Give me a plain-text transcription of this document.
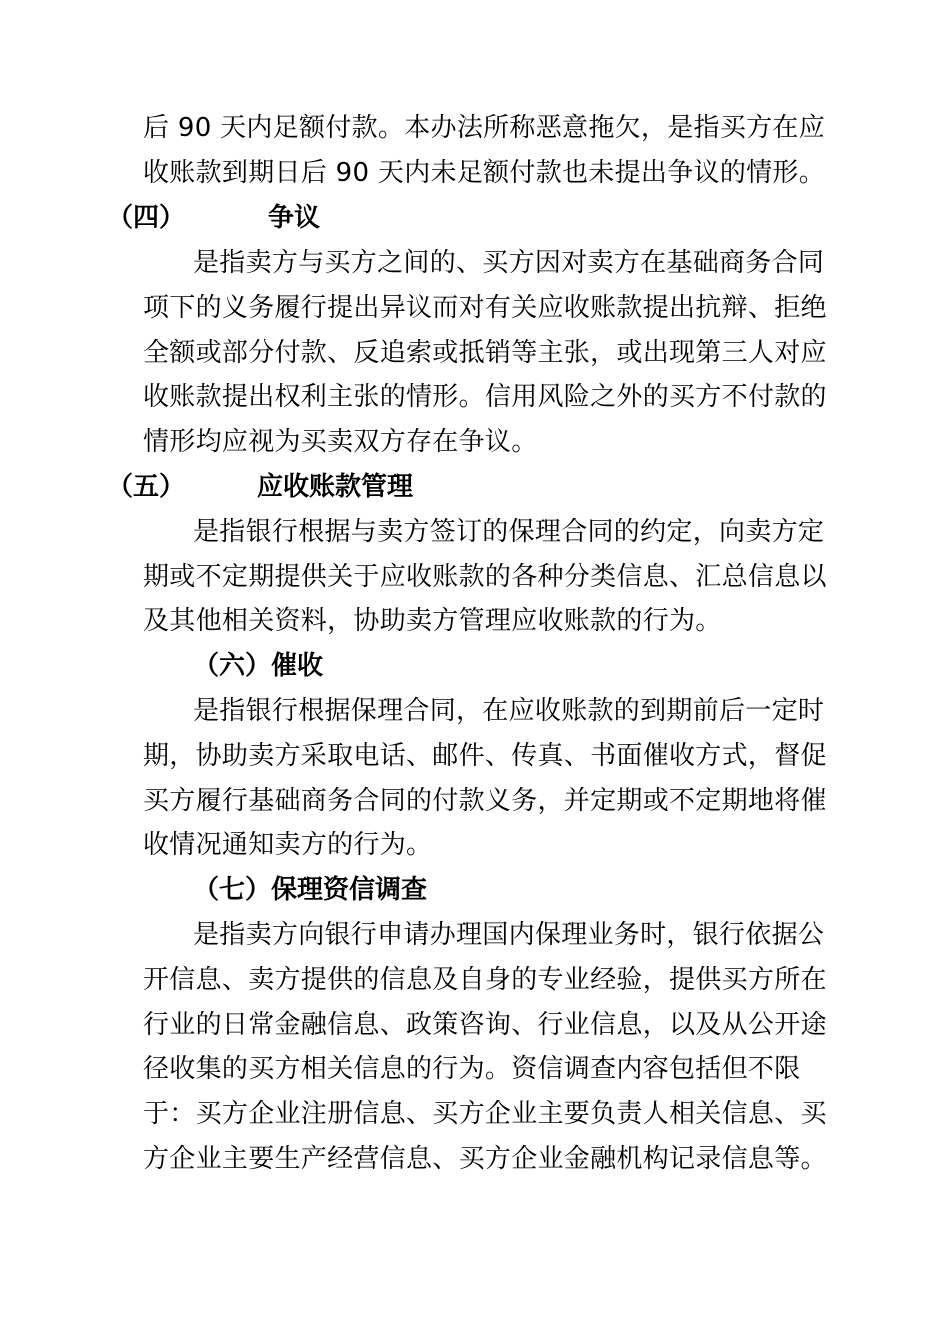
后 90 天内足额付款。本办法所称恶意拖欠，是指买方在应
收账款到期日后 90 天内未足额付款也未提出争议的情形。
（四）	争议
是指卖方与买方之间的、买方因对卖方在基础商务合同
项下的义务履行提出异议而对有关应收账款提出抗辩、拒绝
全额或部分付款、反追索或抵销等主张，或出现第三人对应
收账款提出权利主张的情形。信用风险之外的买方不付款的
情形均应视为买卖双方存在争议。
（五）	应收账款管理
是指银行根据与卖方签订的保理合同的约定，向卖方定
期或不定期提供关于应收账款的各种分类信息、汇总信息以
及其他相关资料，协助卖方管理应收账款的行为。
（六）催收
是指银行根据保理合同，在应收账款的到期前后一定时
期，协助卖方采取电话、邮件、传真、书面催收方式，督促
买方履行基础商务合同的付款义务，并定期或不定期地将催
收情况通知卖方的行为。
（七）保理资信调查
是指卖方向银行申请办理国内保理业务时，银行依据公
开信息、卖方提供的信息及自身的专业经验，提供买方所在
行业的日常金融信息、政策咨询、行业信息，以及从公开途
径收集的买方相关信息的行为。资信调查内容包括但不限
于：买方企业注册信息、买方企业主要负责人相关信息、买
方企业主要生产经营信息、买方企业金融机构记录信息等。
